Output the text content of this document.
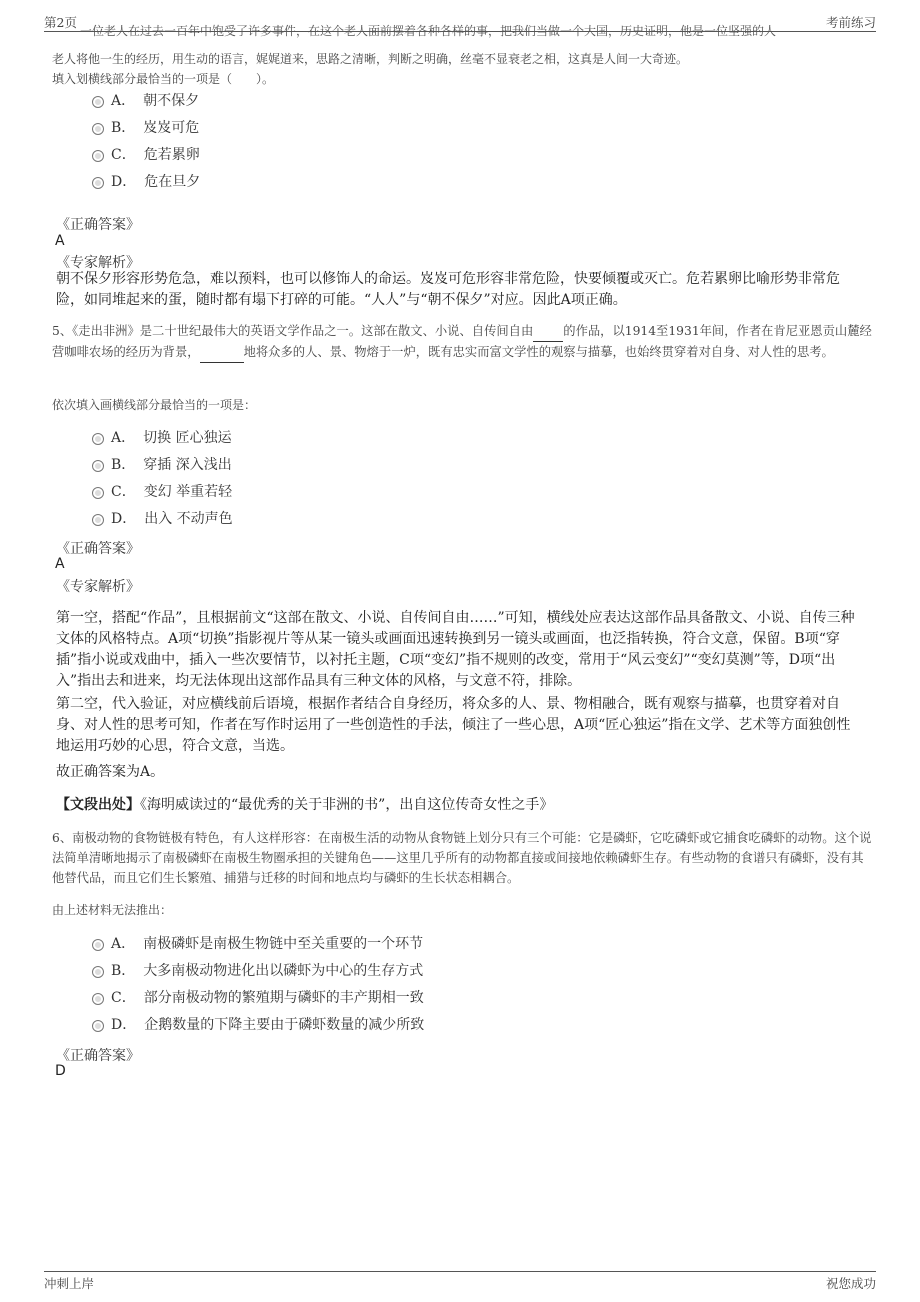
第2页	考前练习
一位老人在过去一百年中饱受了许多事件，在这个老人面前摆着各种各样的事，把我们当做一个大国，历史证明，他是一位坚强的人

老人将他一生的经历，用生动的语言，娓娓道来，思路之清晰，判断之明确，丝毫不显衰老之相，这真是人间一大奇迹。

填入划横线部分最恰当的一项是（　　）。

A． 朝不保夕
B． 岌岌可危
C． 危若累卵
D． 危在旦夕
《正确答案》
A
《专家解析》

朝不保夕形容形势危急，难以预料，也可以修饰人的命运。岌岌可危形容非常危险，快要倾覆或灭亡。危若累卵比喻形势非常危险，如同堆起来的蛋，随时都有塌下打碎的可能。“人人”与“朝不保夕”对应。因此A项正确。

5、《走出非洲》是二十世纪最伟大的英语文学作品之一。这部在散文、小说、自传间自由 的作品，以1914至1931年间，作者在肯尼亚恩贡山麓经营咖啡农场的经历为背景，	地将众多的人、景、物熔于一炉，既有忠实而富文学性的观察与描摹，也始终贯穿着对自身、对人性的思考。

依次填入画横线部分最恰当的一项是：

A． 切换 匠心独运
B． 穿插 深入浅出
C． 变幻 举重若轻
D． 出入 不动声色
《正确答案》
A
《专家解析》

第一空，搭配“作品”，且根据前文“这部在散文、小说、自传间自由……”可知，横线处应表达这部作品具备散文、小说、自传三种文体的风格特点。A项“切换”指影视片等从某一镜头或画面迅速转换到另一镜头或画面，也泛指转换，符合文意，保留。B项“穿插”指小说或戏曲中，插入一些次要情节，以衬托主题，C项“变幻”指不规则的改变，常用于“风云变幻”“变幻莫测”等，D项“出入”指出去和进来，均无法体现出这部作品具有三种文体的风格，与文意不符，排除。

第二空，代入验证，对应横线前后语境，根据作者结合自身经历，将众多的人、景、物相融合，既有观察与描摹，也贯穿着对自身、对人性的思考可知，作者在写作时运用了一些创造性的手法，倾注了一些心思，A项“匠心独运”指在文学、艺术等方面独创性地运用巧妙的心思，符合文意，当选。

故正确答案为A。

【文段出处】《海明威读过的“最优秀的关于非洲的书”，出自这位传奇女性之手》

6、南极动物的食物链极有特色，有人这样形容：在南极生活的动物从食物链上划分只有三个可能：它是磷虾，它吃磷虾或它捕食吃磷虾的动物。这个说法简单清晰地揭示了南极磷虾在南极生物圈承担的关键角色——这里几乎所有的动物都直接或间接地依赖磷虾生存。有些动物的食谱只有磷虾，没有其他替代品，而且它们生长繁殖、捕猎与迁移的时间和地点均与磷虾的生长状态相耦合。

由上述材料无法推出：

A． 南极磷虾是南极生物链中至关重要的一个环节
B． 大多南极动物进化出以磷虾为中心的生存方式
C． 部分南极动物的繁殖期与磷虾的丰产期相一致
D． 企鹅数量的下降主要由于磷虾数量的减少所致
《正确答案》
D
冲刺上岸	祝您成功
